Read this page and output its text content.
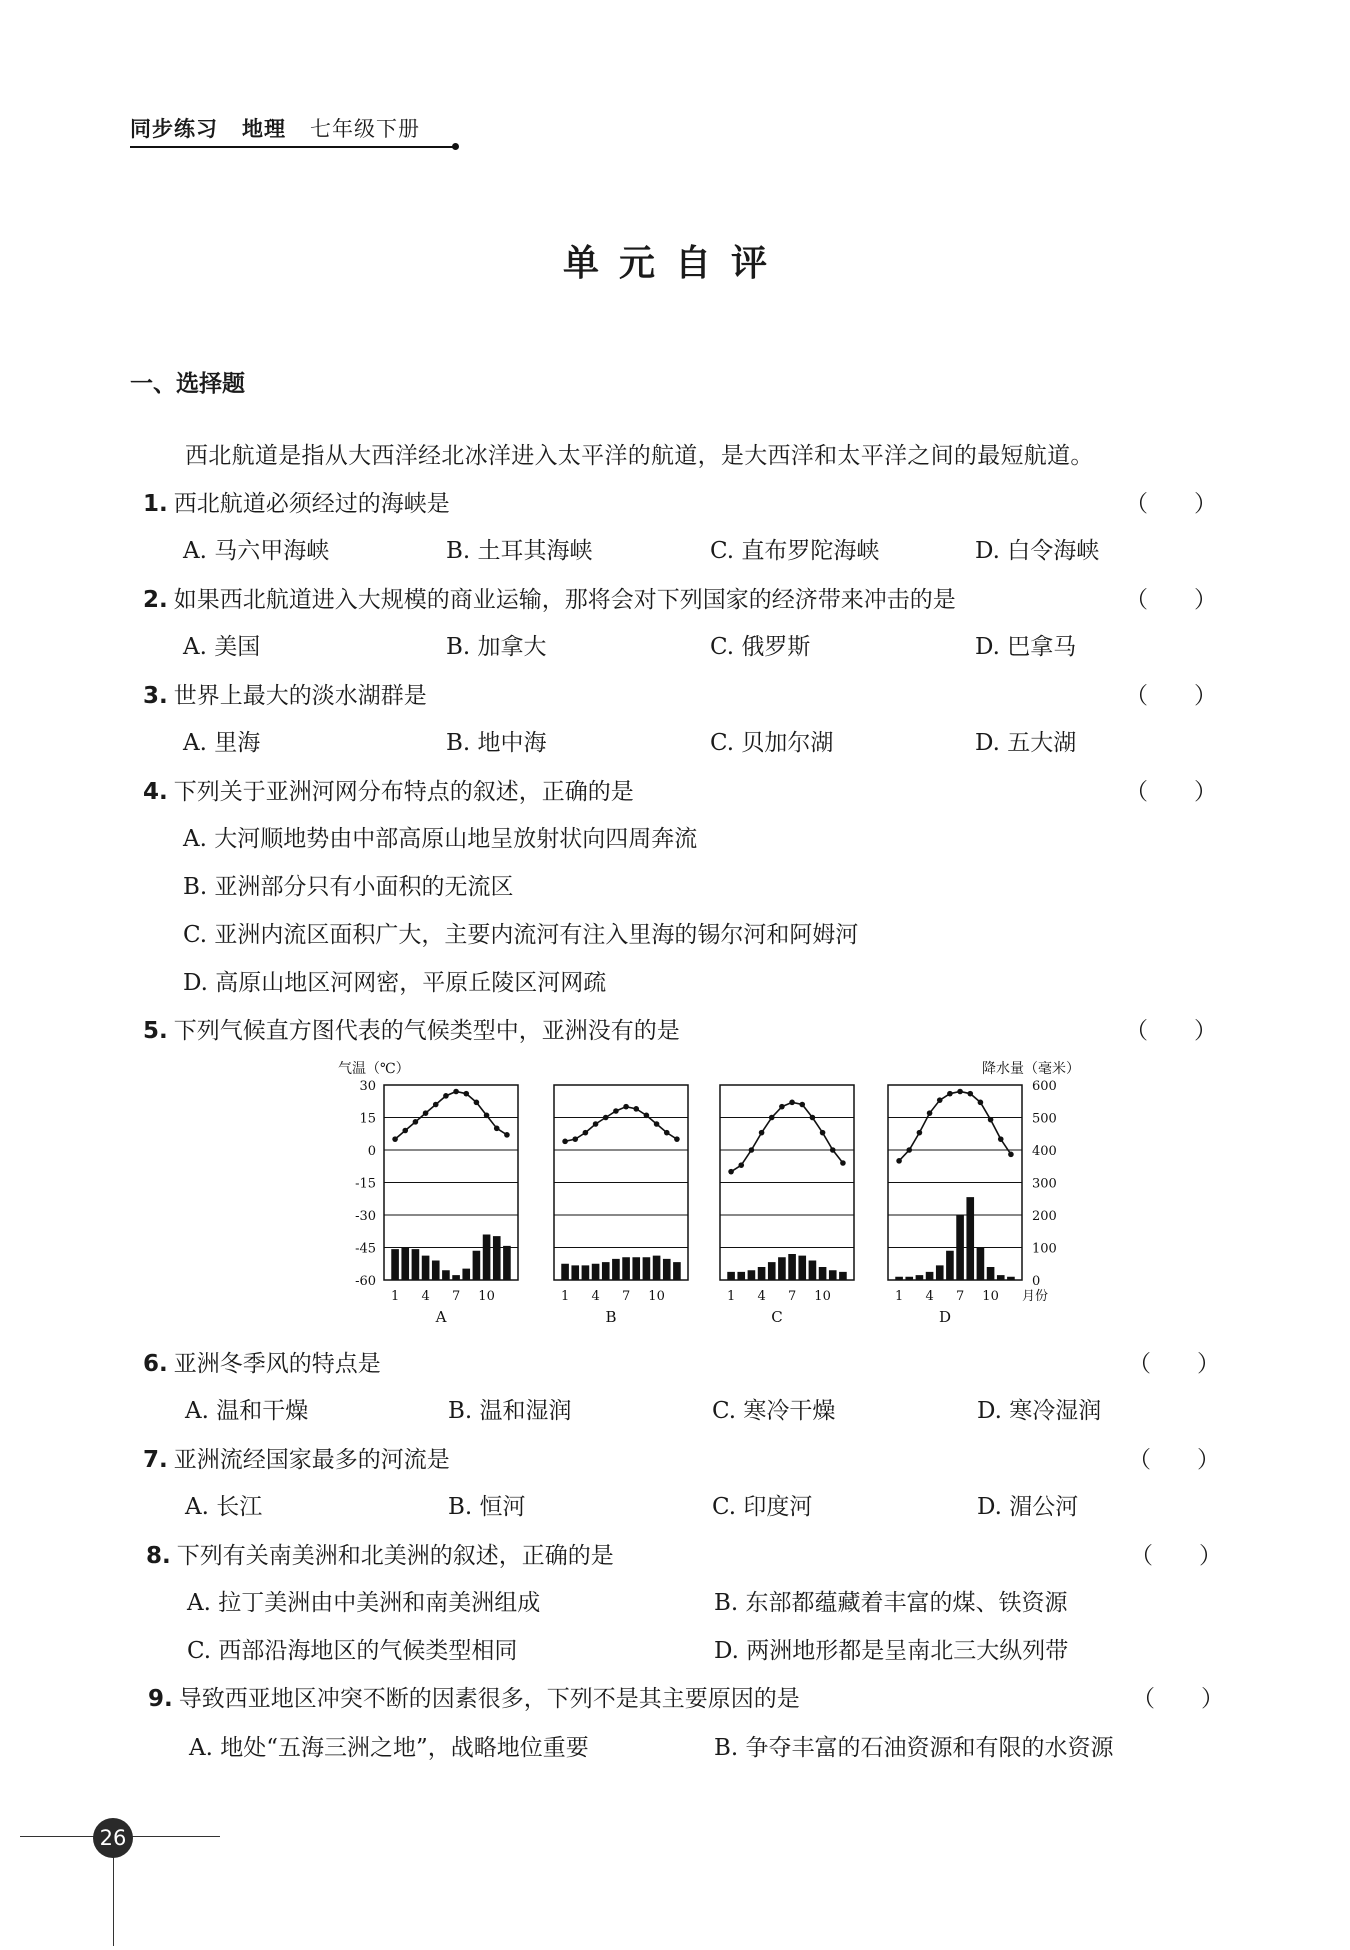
同步练习 地理 七年级下册
单元自评
一、选择题
西北航道是指从大西洋经北冰洋进入太平洋的航道，是大西洋和太平洋之间的最短航道。
1. 西北航道必须经过的海峡是	（　　）
A. 马六甲海峡	B. 土耳其海峡	C. 直布罗陀海峡	D. 白令海峡
2. 如果西北航道进入大规模的商业运输，那将会对下列国家的经济带来冲击的是	（　　）
A. 美国	B. 加拿大	C. 俄罗斯	D. 巴拿马
3. 世界上最大的淡水湖群是	（　　）
A. 里海	B. 地中海	C. 贝加尔湖	D. 五大湖
4. 下列关于亚洲河网分布特点的叙述，正确的是	（　　）
A. 大河顺地势由中部高原山地呈放射状向四周奔流
B. 亚洲部分只有小面积的无流区
C. 亚洲内流区面积广大，主要内流河有注入里海的锡尔河和阿姆河
D. 高原山地区河网密，平原丘陵区河网疏
5. 下列气候直方图代表的气候类型中，亚洲没有的是	（　　）
气温（℃）	降水量（毫米）
30
15
0
-15
-30
-45
-60
600
500
400
300
200
100
0
1 4 7 10
A
1 4 7 10
B
1 4 7 10
C
1 4 7 10
D
月份
6. 亚洲冬季风的特点是	（　　）
A. 温和干燥	B. 温和湿润	C. 寒冷干燥	D. 寒冷湿润
7. 亚洲流经国家最多的河流是	（　　）
A. 长江	B. 恒河	C. 印度河	D. 湄公河
8. 下列有关南美洲和北美洲的叙述，正确的是	（　　）
A. 拉丁美洲由中美洲和南美洲组成	B. 东部都蕴藏着丰富的煤、铁资源
C. 西部沿海地区的气候类型相同	D. 两洲地形都是呈南北三大纵列带
9. 导致西亚地区冲突不断的因素很多，下列不是其主要原因的是	（　　）
A. 地处“五海三洲之地”，战略地位重要	B. 争夺丰富的石油资源和有限的水资源
26
